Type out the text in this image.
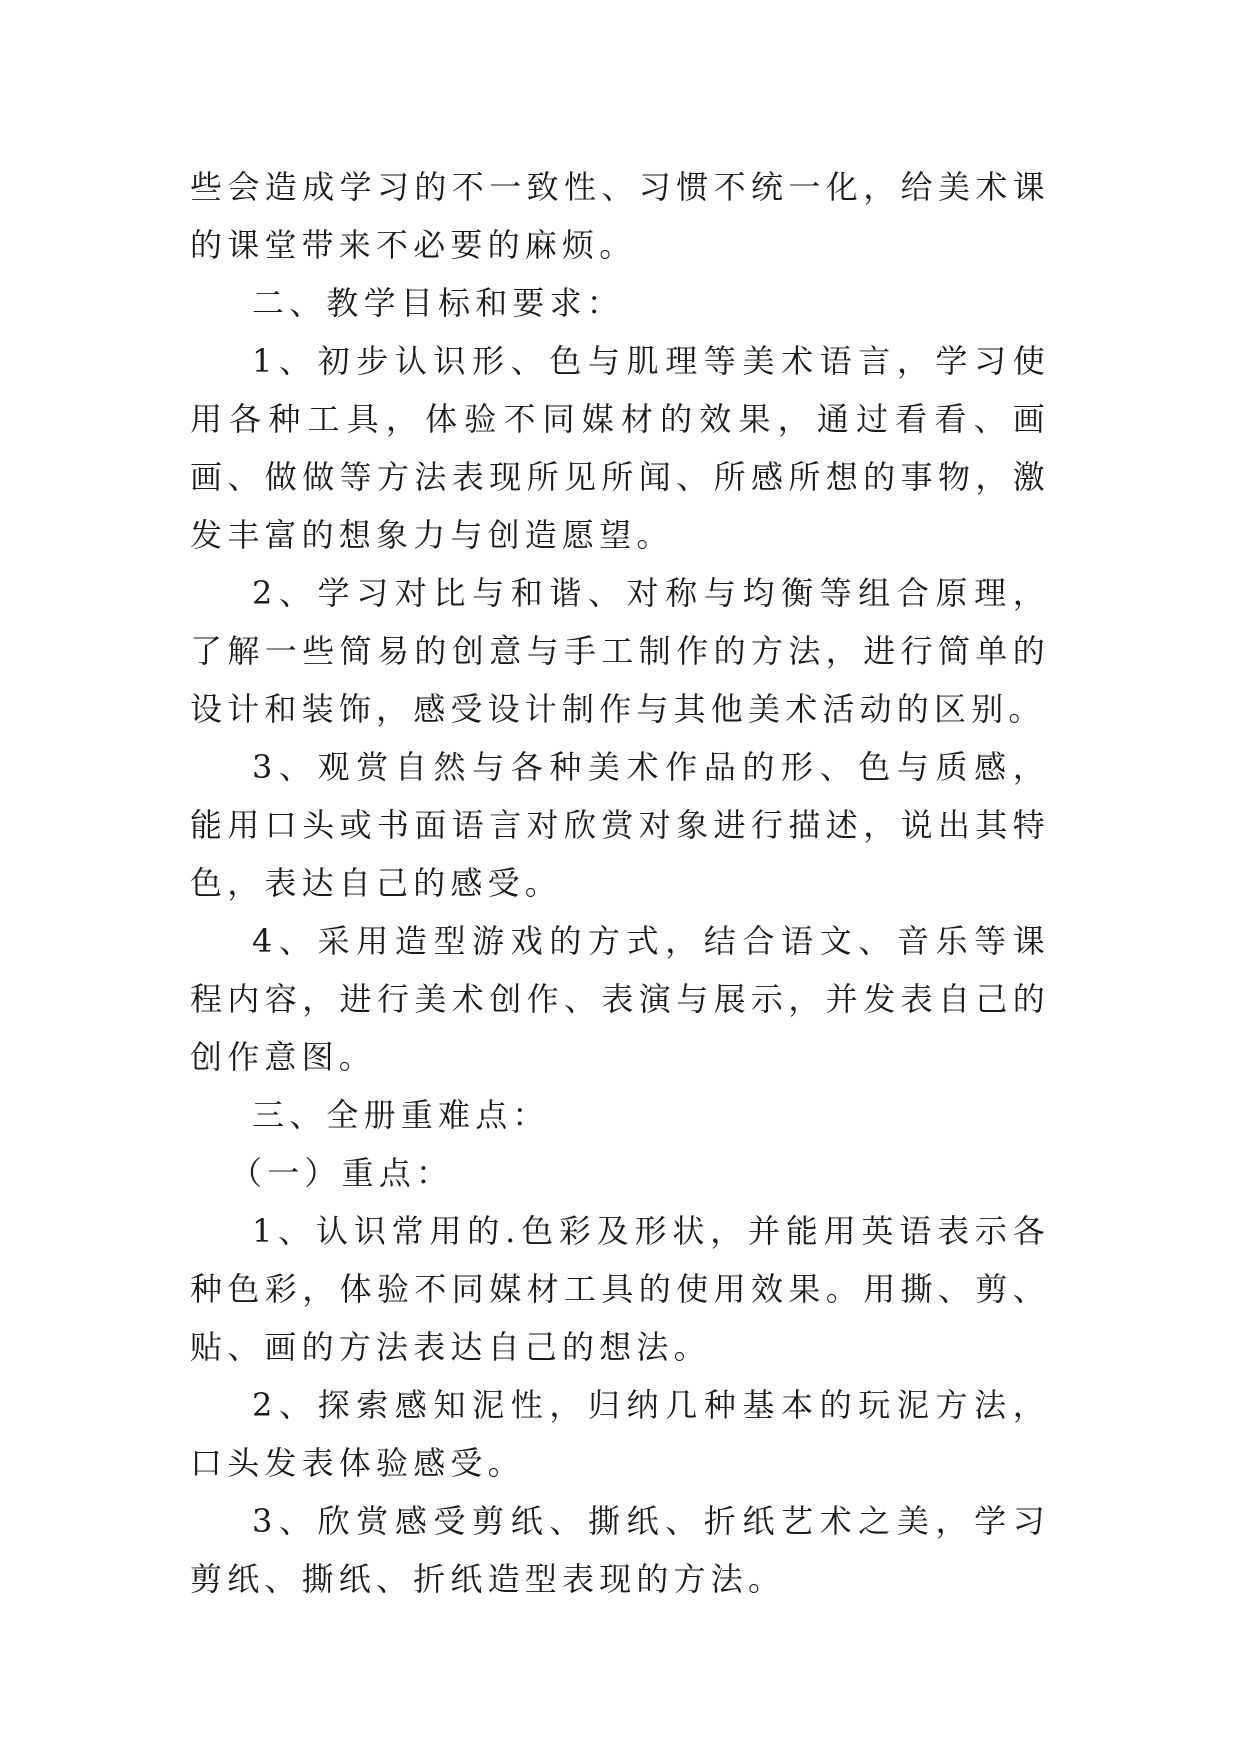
些会造成学习的不一致性、习惯不统一化，给美术课的课堂带来不必要的麻烦。

二、教学目标和要求：

1、初步认识形、色与肌理等美术语言，学习使用各种工具，体验不同媒材的效果，通过看看、画画、做做等方法表现所见所闻、所感所想的事物，激发丰富的想象力与创造愿望。

2、学习对比与和谐、对称与均衡等组合原理，了解一些简易的创意与手工制作的方法，进行简单的设计和装饰，感受设计制作与其他美术活动的区别。

3、观赏自然与各种美术作品的形、色与质感，能用口头或书面语言对欣赏对象进行描述，说出其特色，表达自己的感受。

4、采用造型游戏的方式，结合语文、音乐等课程内容，进行美术创作、表演与展示，并发表自己的创作意图。

三、全册重难点：

（一）重点：

1、认识常用的.色彩及形状，并能用英语表示各种色彩，体验不同媒材工具的使用效果。用撕、剪、贴、画的方法表达自己的想法。

2、探索感知泥性，归纳几种基本的玩泥方法，口头发表体验感受。

3、欣赏感受剪纸、撕纸、折纸艺术之美，学习剪纸、撕纸、折纸造型表现的方法。
